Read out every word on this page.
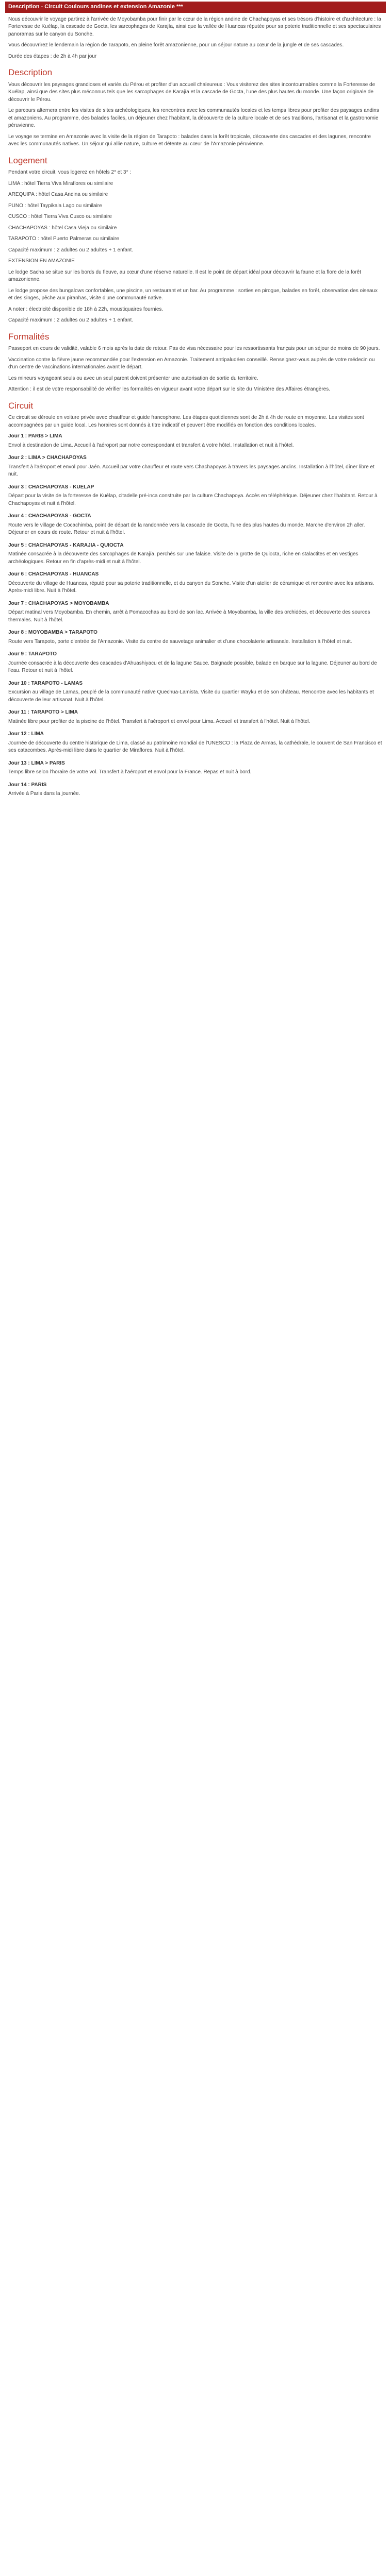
Description - Circuit Coulours andines et extension Amazonie ***

Nous découvrir le voyage partirez à l'arrivée de Moyobamba pour finir par le cœur de la région andine de Chachapoyas et ses trésors d'histoire et d'architecture : la Forteresse de Kuélap, la cascade de Gocta, les sarcophages de Karajía, ainsi que la vallée de Huancas réputée pour sa poterie traditionnelle et ses spectaculaires panoramas sur le canyon du Sonche.

Vous découvrirez le lendemain la région de Tarapoto, en pleine forêt amazonienne, pour un séjour nature au cœur de la jungle et de ses cascades.

Durée des étapes : de 2h à 4h par jour

Description

Vous découvrir les paysages grandioses et variés du Pérou et profiter d'un accueil chaleureux : Vous visiterez des sites incontournables comme la Forteresse de Kuélap, ainsi que des sites plus méconnus tels que les sarcophages de Karajía et la cascade de Gocta, l'une des plus hautes du monde. Une façon originale de découvrir le Pérou.

Le parcours alternera entre les visites de sites archéologiques, les rencontres avec les communautés locales et les temps libres pour profiter des paysages andins et amazoniens. Au programme, des balades faciles, un déjeuner chez l'habitant, la découverte de la culture locale et de ses traditions, l'artisanat et la gastronomie péruvienne.

Le voyage se termine en Amazonie avec la visite de la région de Tarapoto : balades dans la forêt tropicale, découverte des cascades et des lagunes, rencontre avec les communautés natives. Un séjour qui allie nature, culture et détente au cœur de l'Amazonie péruvienne.

Logement

Pendant votre circuit, vous logerez en hôtels 2* et 3* :

LIMA : hôtel Tierra Viva Miraflores ou similaire

AREQUIPA : hôtel Casa Andina ou similaire

PUNO : hôtel Taypikala Lago ou similaire

CUSCO : hôtel Tierra Viva Cusco ou similaire

CHACHAPOYAS : hôtel Casa Vieja ou similaire

TARAPOTO : hôtel Puerto Palmeras ou similaire

Capacité maximum : 2 adultes ou 2 adultes + 1 enfant.

EXTENSION EN AMAZONIE

Le lodge Sacha se situe sur les bords du fleuve, au cœur d'une réserve naturelle. Il est le point de départ idéal pour découvrir la faune et la flore de la forêt amazonienne.

Le lodge propose des bungalows confortables, une piscine, un restaurant et un bar. Au programme : sorties en pirogue, balades en forêt, observation des oiseaux et des singes, pêche aux piranhas, visite d'une communauté native.

A noter : électricité disponible de 18h à 22h, moustiquaires fournies.

Capacité maximum : 2 adultes ou 2 adultes + 1 enfant.

Formalités

Passeport en cours de validité, valable 6 mois après la date de retour. Pas de visa nécessaire pour les ressortissants français pour un séjour de moins de 90 jours.

Vaccination contre la fièvre jaune recommandée pour l'extension en Amazonie. Traitement antipaludéen conseillé. Renseignez-vous auprès de votre médecin ou d'un centre de vaccinations internationales avant le départ.

Les mineurs voyageant seuls ou avec un seul parent doivent présenter une autorisation de sortie du territoire.

Attention : il est de votre responsabilité de vérifier les formalités en vigueur avant votre départ sur le site du Ministère des Affaires étrangères.

Circuit

Ce circuit se déroule en voiture privée avec chauffeur et guide francophone. Les étapes quotidiennes sont de 2h à 4h de route en moyenne. Les visites sont accompagnées par un guide local. Les horaires sont donnés à titre indicatif et peuvent être modifiés en fonction des conditions locales.

Jour 1 : PARIS > LIMA

Envol à destination de Lima. Accueil à l'aéroport par notre correspondant et transfert à votre hôtel. Installation et nuit à l'hôtel.

Jour 2 : LIMA > CHACHAPOYAS

Transfert à l'aéroport et envol pour Jaén. Accueil par votre chauffeur et route vers Chachapoyas à travers les paysages andins. Installation à l'hôtel, dîner libre et nuit.

Jour 3 : CHACHAPOYAS - KUELAP

Départ pour la visite de la forteresse de Kuélap, citadelle pré-inca construite par la culture Chachapoya. Accès en téléphérique. Déjeuner chez l'habitant. Retour à Chachapoyas et nuit à l'hôtel.

Jour 4 : CHACHAPOYAS - GOCTA

Route vers le village de Cocachimba, point de départ de la randonnée vers la cascade de Gocta, l'une des plus hautes du monde. Marche d'environ 2h aller. Déjeuner en cours de route. Retour et nuit à l'hôtel.

Jour 5 : CHACHAPOYAS - KARAJIA - QUIOCTA

Matinée consacrée à la découverte des sarcophages de Karajía, perchés sur une falaise. Visite de la grotte de Quiocta, riche en stalactites et en vestiges archéologiques. Retour en fin d'après-midi et nuit à l'hôtel.

Jour 6 : CHACHAPOYAS - HUANCAS

Découverte du village de Huancas, réputé pour sa poterie traditionnelle, et du canyon du Sonche. Visite d'un atelier de céramique et rencontre avec les artisans. Après-midi libre. Nuit à l'hôtel.

Jour 7 : CHACHAPOYAS > MOYOBAMBA

Départ matinal vers Moyobamba. En chemin, arrêt à Pomacochas au bord de son lac. Arrivée à Moyobamba, la ville des orchidées, et découverte des sources thermales. Nuit à l'hôtel.

Jour 8 : MOYOBAMBA > TARAPOTO

Route vers Tarapoto, porte d'entrée de l'Amazonie. Visite du centre de sauvetage animalier et d'une chocolaterie artisanale. Installation à l'hôtel et nuit.

Jour 9 : TARAPOTO

Journée consacrée à la découverte des cascades d'Ahuashiyacu et de la lagune Sauce. Baignade possible, balade en barque sur la lagune. Déjeuner au bord de l'eau. Retour et nuit à l'hôtel.

Jour 10 : TARAPOTO - LAMAS

Excursion au village de Lamas, peuplé de la communauté native Quechua-Lamista. Visite du quartier Wayku et de son château. Rencontre avec les habitants et découverte de leur artisanat. Nuit à l'hôtel.

Jour 11 : TARAPOTO > LIMA

Matinée libre pour profiter de la piscine de l'hôtel. Transfert à l'aéroport et envol pour Lima. Accueil et transfert à l'hôtel. Nuit à l'hôtel.

Jour 12 : LIMA

Journée de découverte du centre historique de Lima, classé au patrimoine mondial de l'UNESCO : la Plaza de Armas, la cathédrale, le couvent de San Francisco et ses catacombes. Après-midi libre dans le quartier de Miraflores. Nuit à l'hôtel.

Jour 13 : LIMA > PARIS

Temps libre selon l'horaire de votre vol. Transfert à l'aéroport et envol pour la France. Repas et nuit à bord.

Jour 14 : PARIS

Arrivée à Paris dans la journée.
